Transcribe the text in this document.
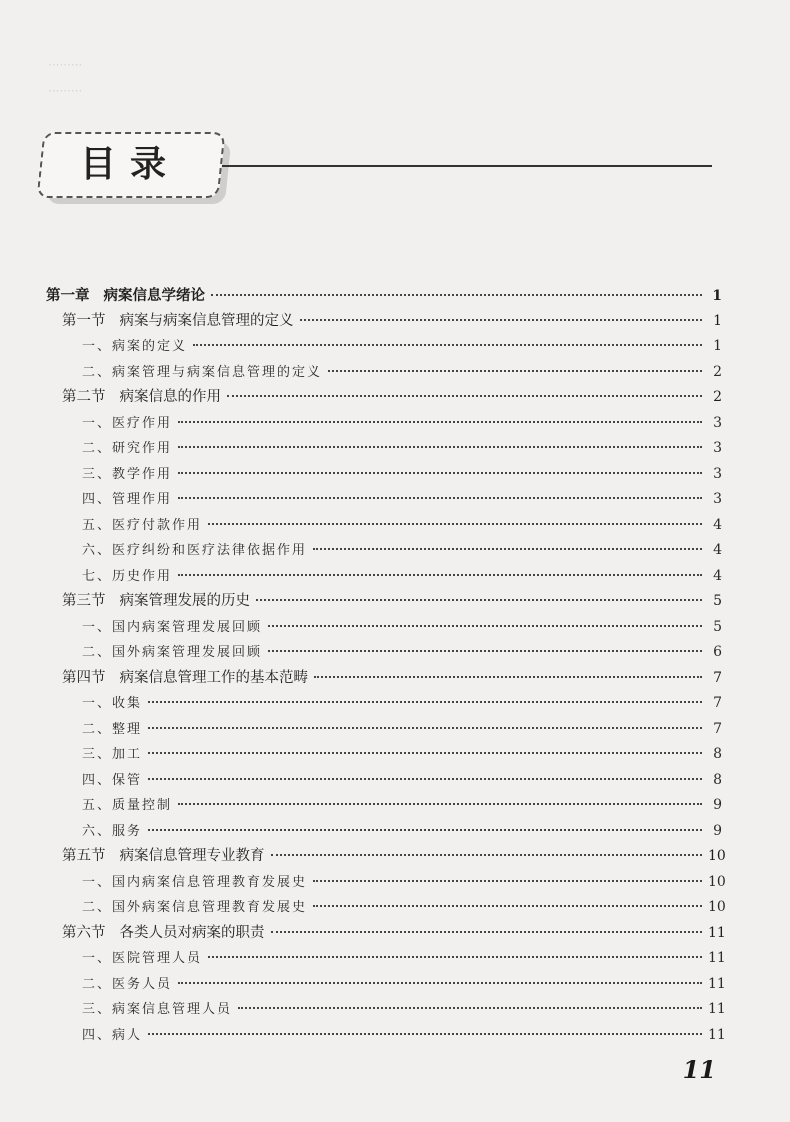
·········
·········
目录
第一章 病案信息学绪论	1
第一节 病案与病案信息管理的定义	1
一、病案的定义	1
二、病案管理与病案信息管理的定义	2
第二节 病案信息的作用	2
一、医疗作用	3
二、研究作用	3
三、教学作用	3
四、管理作用	3
五、医疗付款作用	4
六、医疗纠纷和医疗法律依据作用	4
七、历史作用	4
第三节 病案管理发展的历史	5
一、国内病案管理发展回顾	5
二、国外病案管理发展回顾	6
第四节 病案信息管理工作的基本范畴	7
一、收集	7
二、整理	7
三、加工	8
四、保管	8
五、质量控制	9
六、服务	9
第五节 病案信息管理专业教育	10
一、国内病案信息管理教育发展史	10
二、国外病案信息管理教育发展史	10
第六节 各类人员对病案的职责	11
一、医院管理人员	11
二、医务人员	11
三、病案信息管理人员	11
四、病人	11
11
